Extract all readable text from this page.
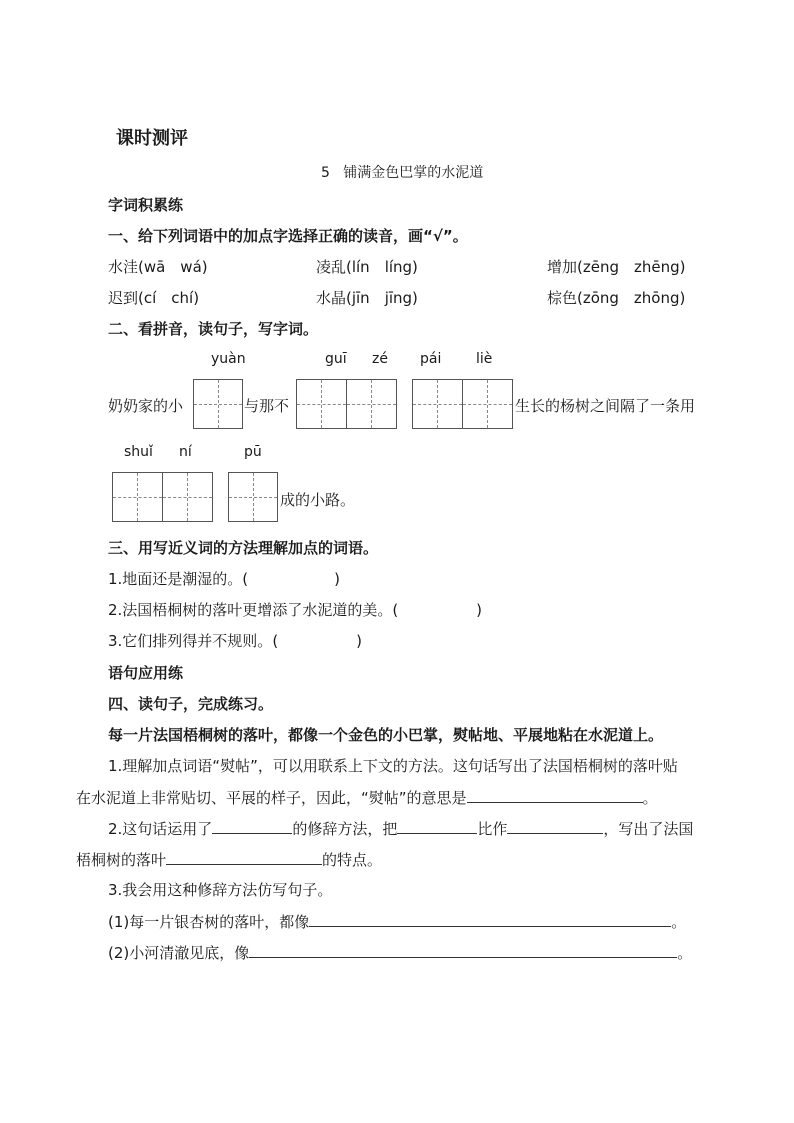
课时测评
5 铺满金色巴掌的水泥道
字词积累练
一、给下列词语中的加点字选择正确的读音，画“√”。
水洼(wā　wá)	凌乱(lín　líng)	增加(zēng　zhēng)
迟到(cí　chí)	水晶(jīn　jīng)	棕色(zōng　zhōng)
二、看拼音，读句子，写字词。
yuàn	guī zé pái liè
奶奶家的小	与那不	生长的杨树之间隔了一条用
shuǐ ní	pū
成的小路。
三、用写近义词的方法理解加点的词语。
1.地面还是潮湿的。(	)
2.法国梧桐树的落叶更增添了水泥道的美。(	)
3.它们排列得并不规则。(	)
语句应用练
四、读句子，完成练习。
每一片法国梧桐树的落叶，都像一个金色的小巴掌，熨帖地、平展地粘在水泥道上。
1.理解加点词语“熨帖”，可以用联系上下文的方法。这句话写出了法国梧桐树的落叶贴
在水泥道上非常贴切、平展的样子，因此，“熨帖”的意思是	。
2.这句话运用了	的修辞方法，把	比作	，写出了法国
梧桐树的落叶	的特点。
3.我会用这种修辞方法仿写句子。
(1)每一片银杏树的落叶，都像	。
(2)小河清澈见底，像	。
